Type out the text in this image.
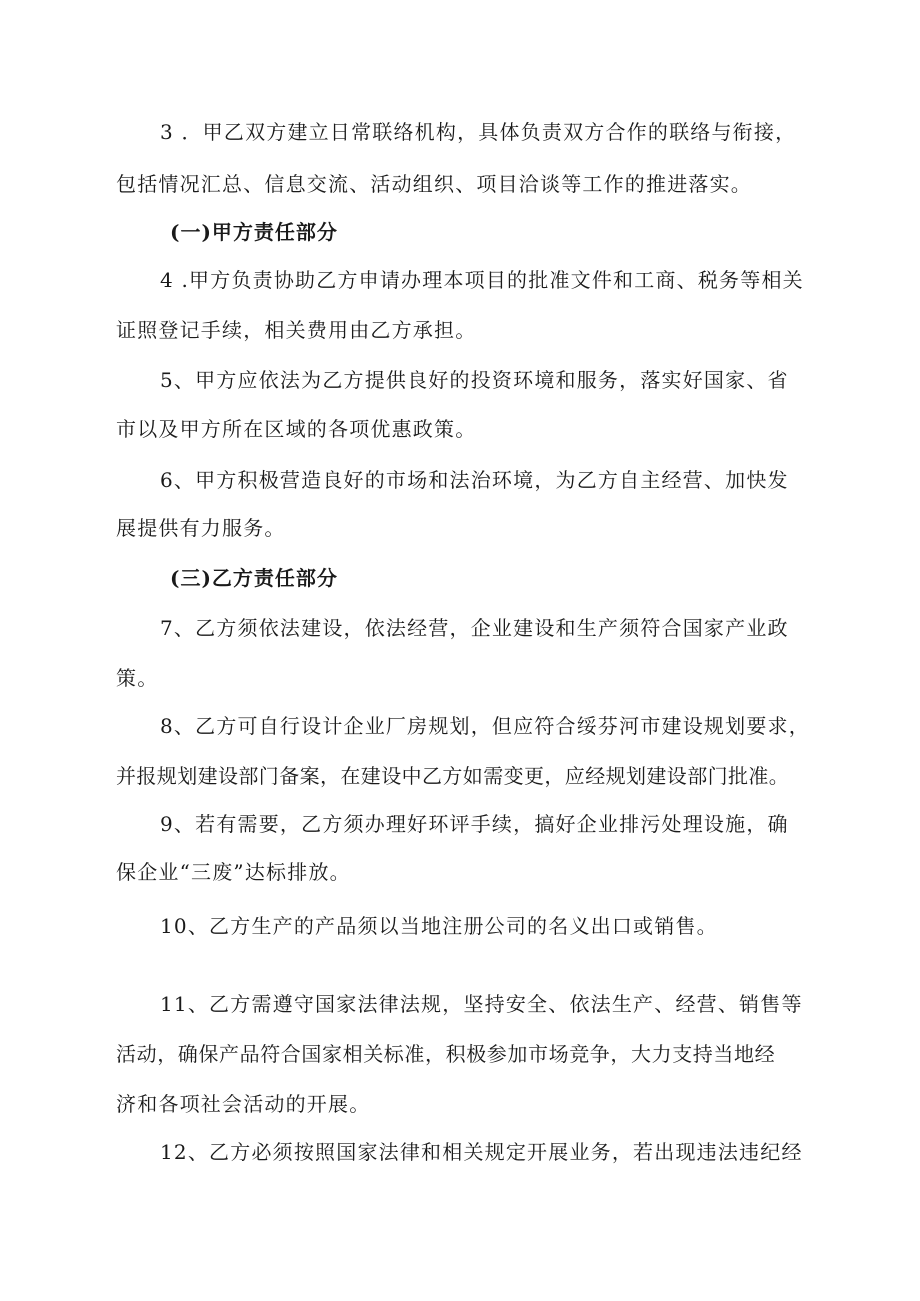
3 ．甲乙双方建立日常联络机构，具体负责双方合作的联络与衔接，
包括情况汇总、信息交流、活动组织、项目洽谈等工作的推进落实。
(一)甲方责任部分
4 .甲方负责协助乙方申请办理本项目的批准文件和工商、税务等相关
证照登记手续，相关费用由乙方承担。
5、甲方应依法为乙方提供良好的投资环境和服务，落实好国家、省
市以及甲方所在区域的各项优惠政策。
6、甲方积极营造良好的市场和法治环境，为乙方自主经营、加快发
展提供有力服务。
(三)乙方责任部分
7、乙方须依法建设，依法经营，企业建设和生产须符合国家产业政
策。
8、乙方可自行设计企业厂房规划，但应符合绥芬河市建设规划要求，
并报规划建设部门备案，在建设中乙方如需变更，应经规划建设部门批准。
9、若有需要，乙方须办理好环评手续，搞好企业排污处理设施，确
保企业“三废”达标排放。
10、乙方生产的产品须以当地注册公司的名义出口或销售。
11、乙方需遵守国家法律法规，坚持安全、依法生产、经营、销售等
活动，确保产品符合国家相关标准，积极参加市场竞争，大力支持当地经
济和各项社会活动的开展。
12、乙方必须按照国家法律和相关规定开展业务，若出现违法违纪经
